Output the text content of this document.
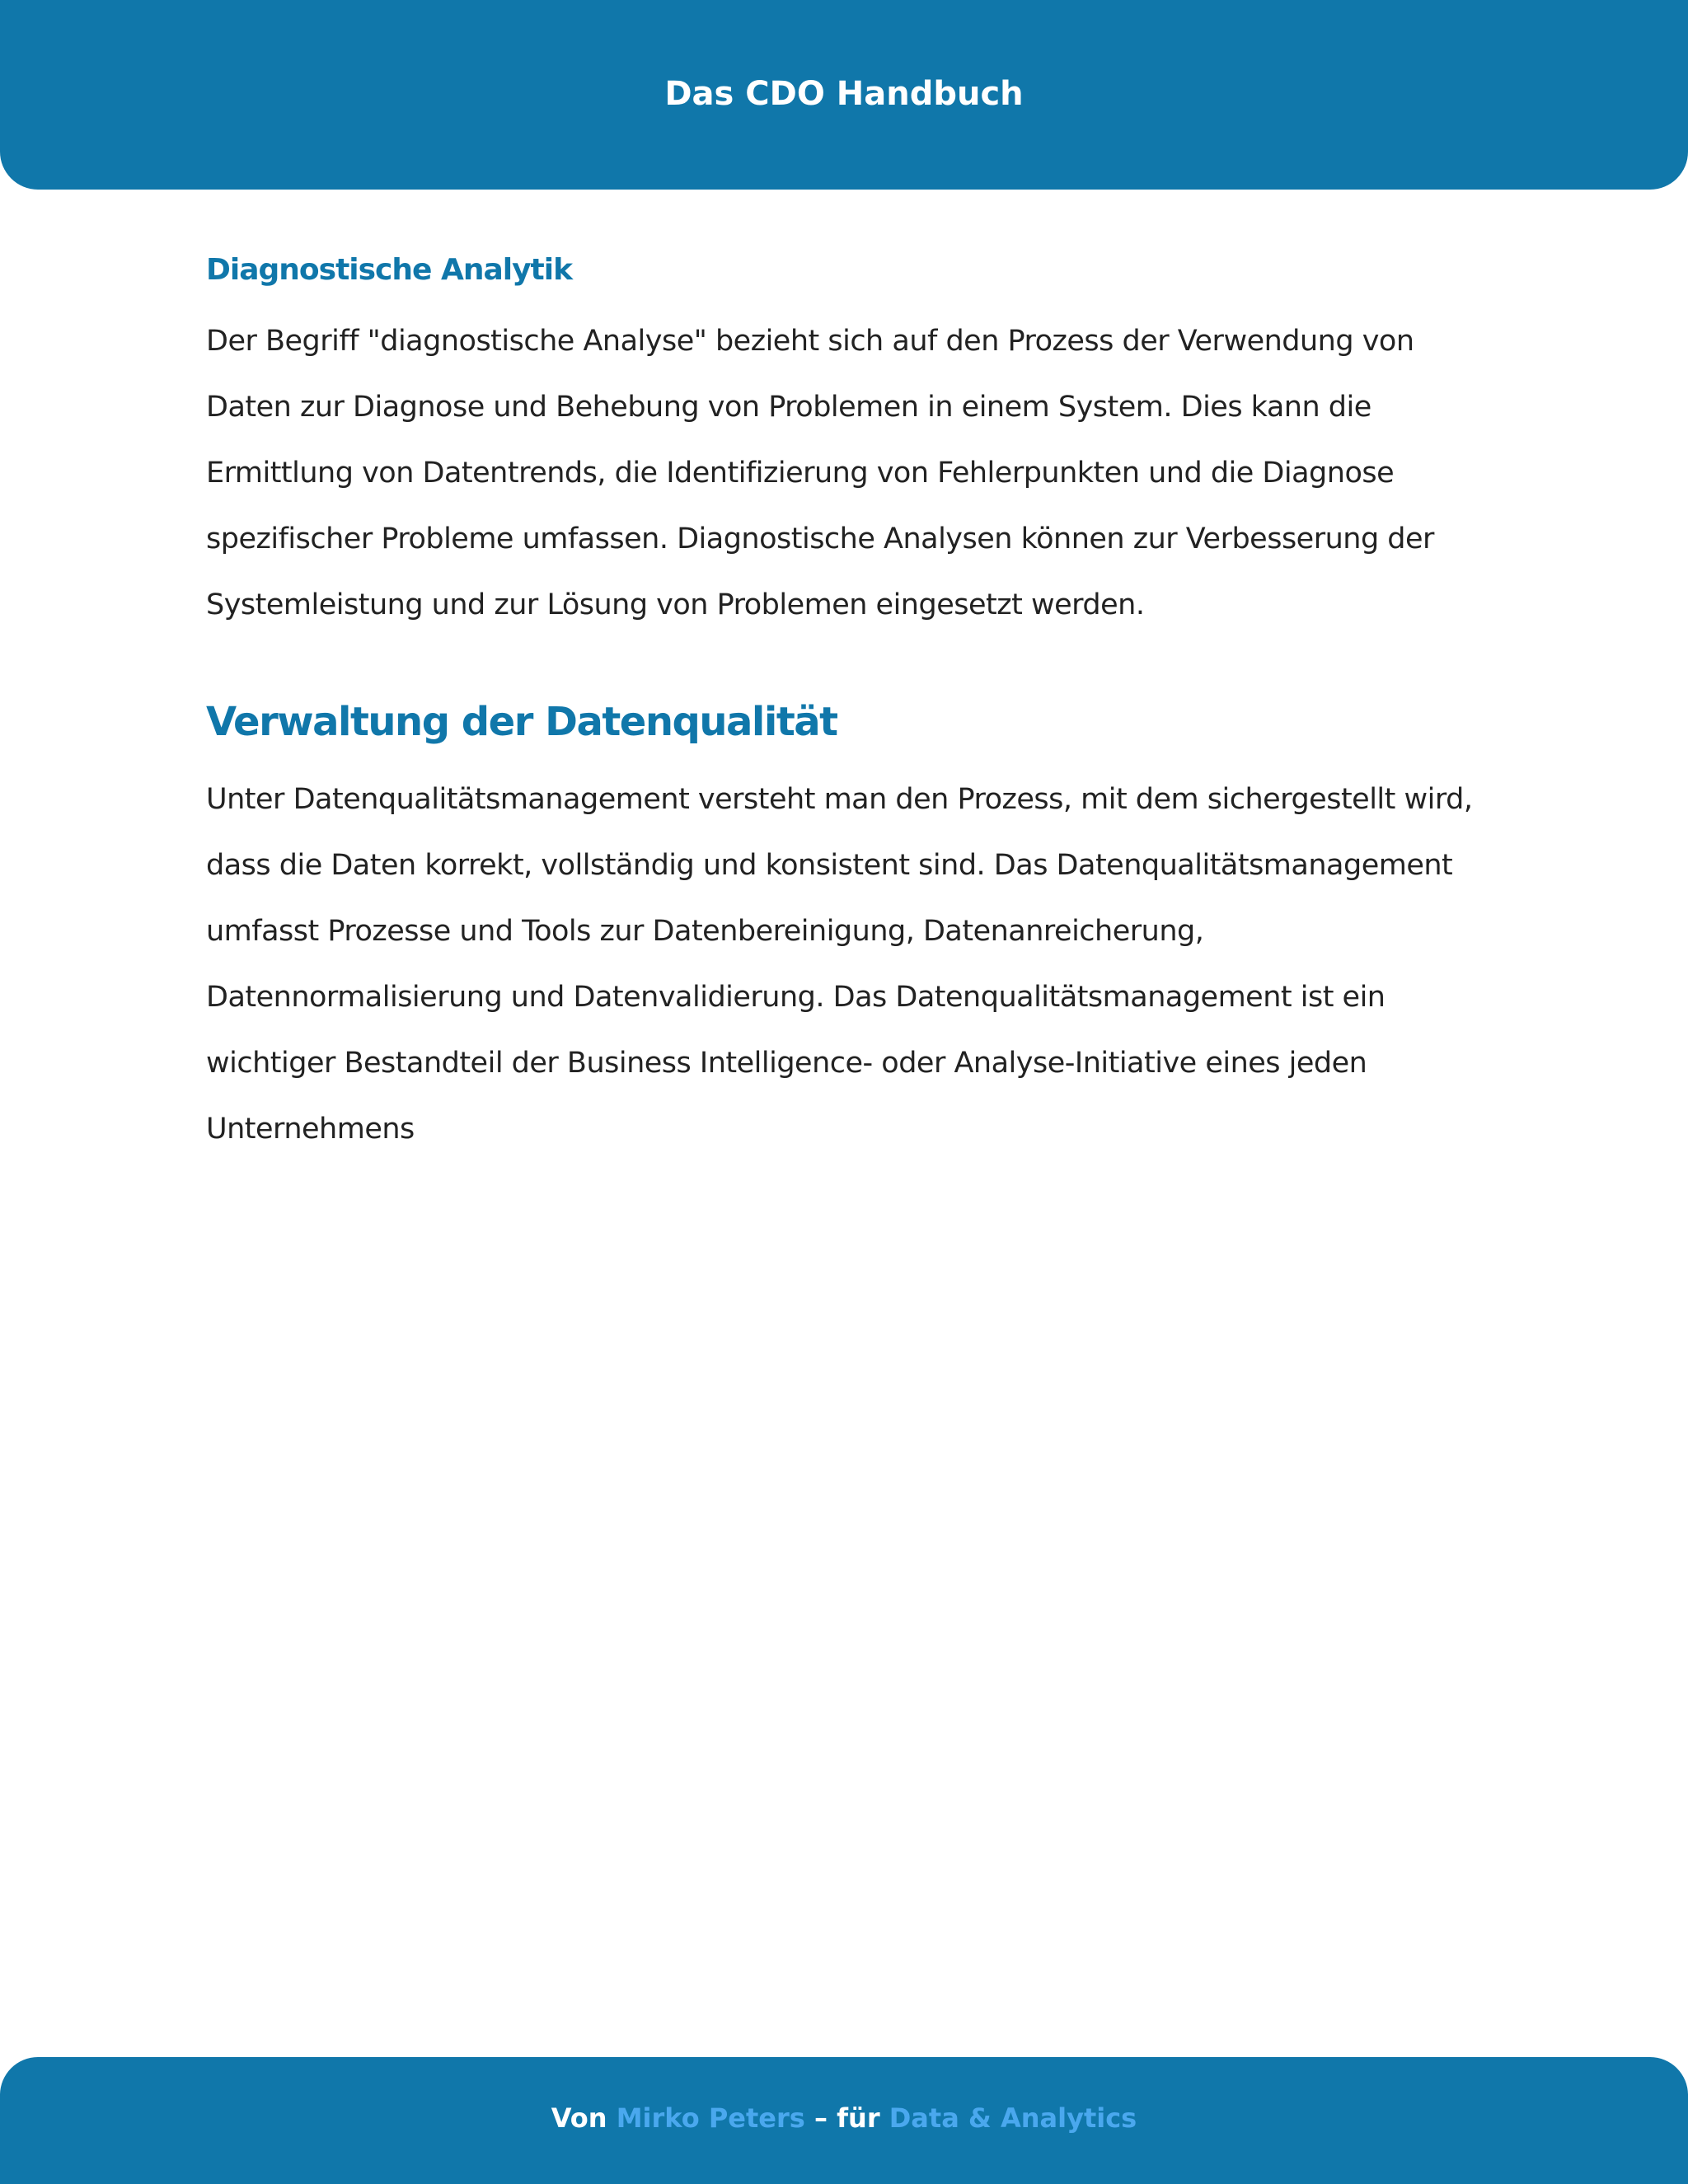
Das CDO Handbuch
Diagnostische Analytik

Der Begriff "diagnostische Analyse" bezieht sich auf den Prozess der Verwendung von Daten zur Diagnose und Behebung von Problemen in einem System. Dies kann die Ermittlung von Datentrends, die Identifizierung von Fehlerpunkten und die Diagnose spezifischer Probleme umfassen. Diagnostische Analysen können zur Verbesserung der Systemleistung und zur Lösung von Problemen eingesetzt werden.

Verwaltung der Datenqualität

Unter Datenqualitätsmanagement versteht man den Prozess, mit dem sichergestellt wird, dass die Daten korrekt, vollständig und konsistent sind. Das Datenqualitätsmanagement umfasst Prozesse und Tools zur Datenbereinigung, Datenanreicherung, Datennormalisierung und Datenvalidierung. Das Datenqualitätsmanagement ist ein wichtiger Bestandteil der Business Intelligence- oder Analyse-Initiative eines jeden Unternehmens

Von Mirko Peters – für Data & Analytics
